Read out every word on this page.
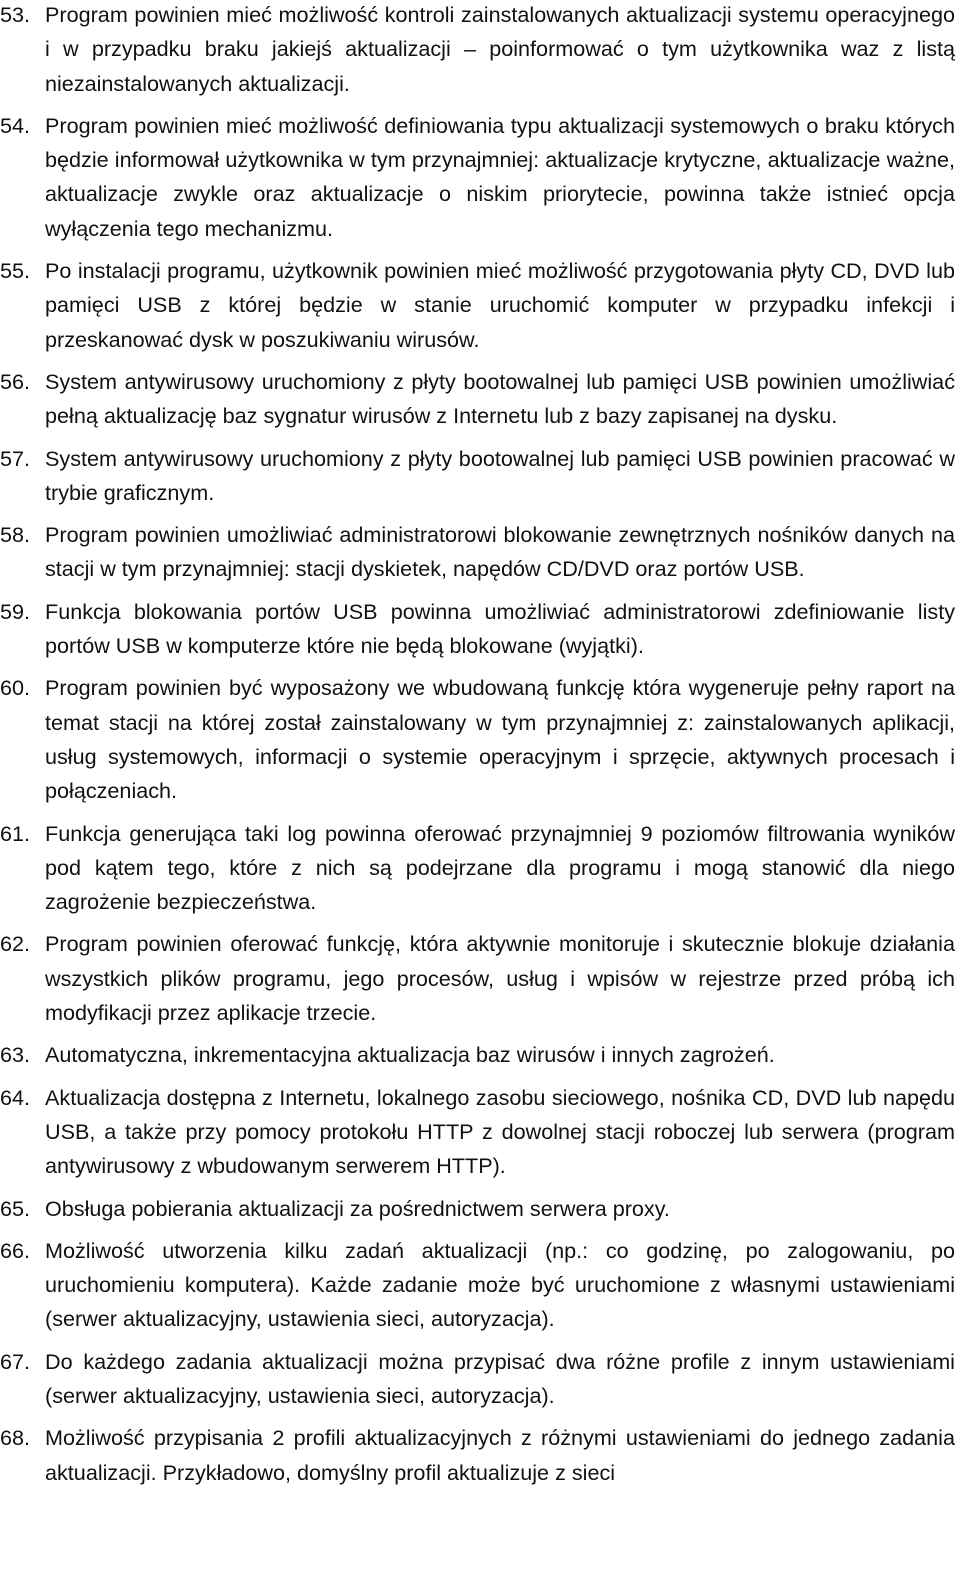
53. Program powinien mieć możliwość kontroli zainstalowanych aktualizacji systemu operacyjnego i w przypadku braku jakiejś aktualizacji – poinformować o tym użytkownika waz z listą niezainstalowanych aktualizacji.
54. Program powinien mieć możliwość definiowania typu aktualizacji systemowych o braku których będzie informował użytkownika w tym przynajmniej: aktualizacje krytyczne, aktualizacje ważne, aktualizacje zwykle oraz aktualizacje o niskim priorytecie, powinna także istnieć opcja wyłączenia tego mechanizmu.
55. Po instalacji programu, użytkownik powinien mieć możliwość przygotowania płyty CD, DVD lub pamięci USB z której będzie w stanie uruchomić komputer w przypadku infekcji i przeskanować dysk w poszukiwaniu wirusów.
56. System antywirusowy uruchomiony z płyty bootowalnej lub pamięci USB powinien umożliwiać pełną aktualizację baz sygnatur wirusów z Internetu lub z bazy zapisanej na dysku.
57. System antywirusowy uruchomiony z płyty bootowalnej lub pamięci USB powinien pracować w trybie graficznym.
58. Program powinien umożliwiać administratorowi blokowanie zewnętrznych nośników danych na stacji w tym przynajmniej: stacji dyskietek, napędów CD/DVD oraz portów USB.
59. Funkcja blokowania portów USB powinna umożliwiać administratorowi zdefiniowanie listy portów USB w komputerze które nie będą blokowane (wyjątki).
60. Program powinien być wyposażony we wbudowaną funkcję która wygeneruje pełny raport na temat stacji na której został zainstalowany w tym przynajmniej z: zainstalowanych aplikacji, usług systemowych, informacji o systemie operacyjnym i sprzęcie, aktywnych procesach i połączeniach.
61. Funkcja generująca taki log powinna oferować przynajmniej 9 poziomów filtrowania wyników pod kątem tego, które z nich są podejrzane dla programu i mogą stanowić dla niego zagrożenie bezpieczeństwa.
62. Program powinien oferować funkcję, która aktywnie monitoruje i skutecznie blokuje działania wszystkich plików programu, jego procesów, usług i wpisów w rejestrze przed próbą ich modyfikacji przez aplikacje trzecie.
63. Automatyczna, inkrementacyjna aktualizacja baz wirusów i innych zagrożeń.
64. Aktualizacja dostępna z Internetu, lokalnego zasobu sieciowego, nośnika CD, DVD lub napędu USB, a także przy pomocy protokołu HTTP z dowolnej stacji roboczej lub serwera (program antywirusowy z wbudowanym serwerem HTTP).
65. Obsługa pobierania aktualizacji za pośrednictwem serwera proxy.
66. Możliwość utworzenia kilku zadań aktualizacji (np.: co godzinę, po zalogowaniu, po uruchomieniu komputera). Każde zadanie może być uruchomione z własnymi ustawieniami (serwer aktualizacyjny, ustawienia sieci, autoryzacja).
67. Do każdego zadania aktualizacji można przypisać dwa różne profile z innym ustawieniami (serwer aktualizacyjny, ustawienia sieci, autoryzacja).
68. Możliwość przypisania 2 profili aktualizacyjnych z różnymi ustawieniami do jednego zadania aktualizacji. Przykładowo, domyślny profil aktualizuje z sieci
